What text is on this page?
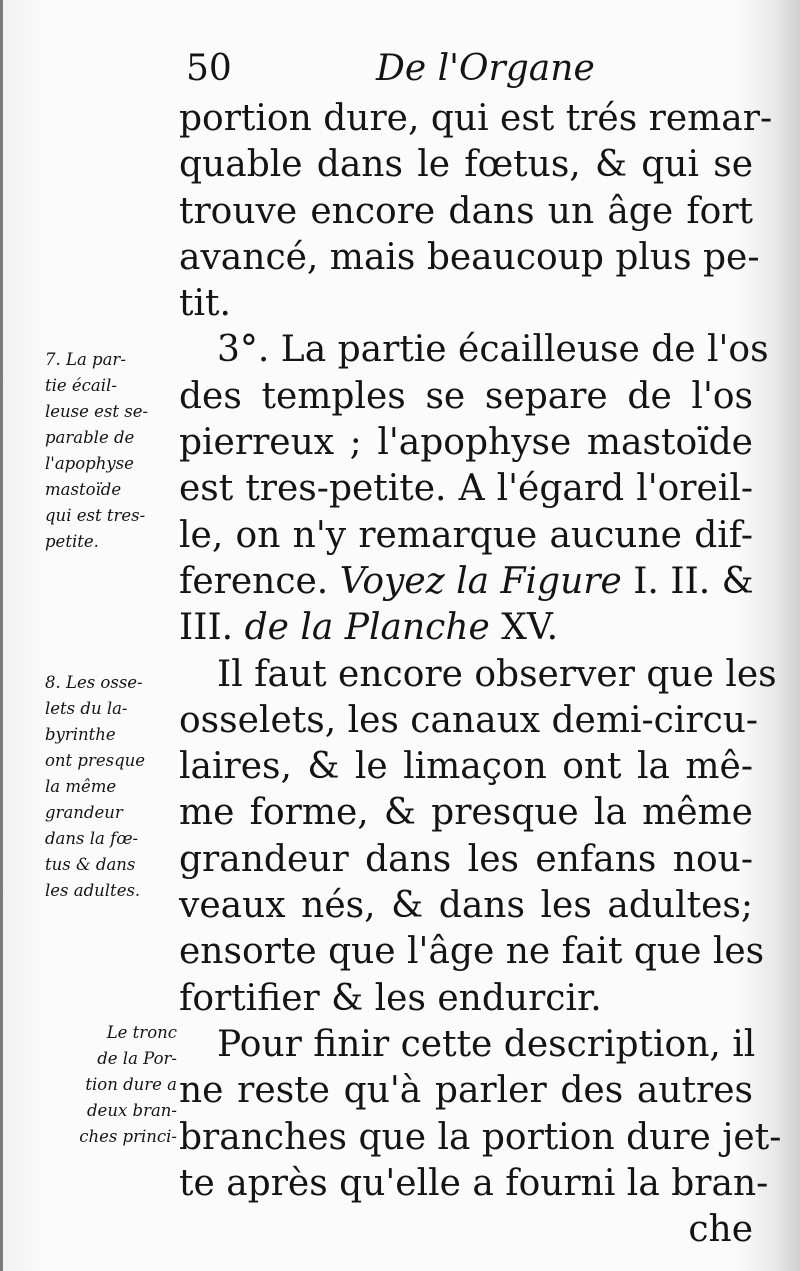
50	De l'Organe
portion dure, qui est trés remar-
quable dans le fœtus, & qui se
trouve encore dans un âge fort
avancé, mais beaucoup plus pe-
tit.
3°. La partie écailleuse de l'os
des temples se separe de l'os
pierreux ; l'apophyse mastoïde
est tres-petite. A l'égard l'oreil-
le, on n'y remarque aucune dif-
ference. Voyez la Figure I. II. &
III. de la Planche XV.
Il faut encore observer que les
osselets, les canaux demi-circu-
laires, & le limaçon ont la mê-
me forme, & presque la même
grandeur dans les enfans nou-
veaux nés, & dans les adultes;
ensorte que l'âge ne fait que les
fortifier & les endurcir.
Pour finir cette description, il
ne reste qu'à parler des autres
branches que la portion dure jet-
te après qu'elle a fourni la bran-
che
7. La par-
tie écail-
leuse est se-
parable de
l'apophyse
mastoïde
qui est tres-
petite.
8. Les osse-
lets du la-
byrinthe
ont presque
la même
grandeur
dans la fœ-
tus & dans
les adultes.
Le tronc
de la Por-
tion dure a
deux bran-
ches princi-
